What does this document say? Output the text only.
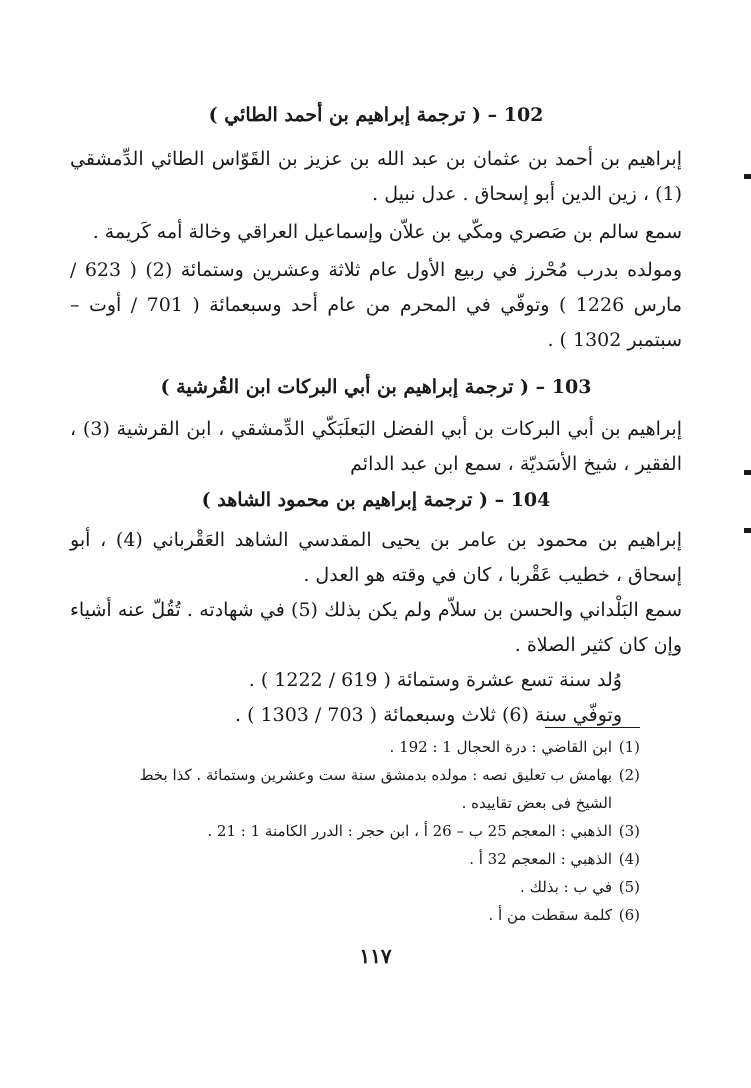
102 – ( ترجمة إبراهيم بن أحمد الطائي )
إبراهيم بن أحمد بن عثمان بن عبد الله بن عزيز بن القَوّاس الطائي الدِّمشقي (1) ، زين الدين أبو إسحاق . عدل نبيل .
سمع سالم بن صَصري ومكّي بن علاّن وإسماعيل العراقي وخالة أمه كَريمة .
ومولده بدرب مُحْرز في ربيع الأول عام ثلاثة وعشرين وستمائة (2) ( 623 / مارس 1226 ) وتوفّي في المحرم من عام أحد وسبعمائة ( 701 / أوت – سبتمبر 1302 ) .
103 – ( ترجمة إبراهيم بن أبي البركات ابن القُرشية )
إبراهيم بن أبي البركات بن أبي الفضل البَعلَبَكّي الدِّمشقي ، ابن القرشية (3) ، الفقير ، شيخ الأسَديّة ، سمع ابن عبد الدائم
104 – ( ترجمة إبراهيم بن محمود الشاهد )
إبراهيم بن محمود بن عامر بن يحيى المقدسي الشاهد العَقْرباني (4) ، أبو إسحاق ، خطيب عَقْربا ، كان في وقته هو العدل .
سمع البَلْداني والحسن بن سلاّم ولم يكن بذلك (5) في شهادته . تُقُلّ عنه أشياء وإن كان كثير الصلاة .
وُلد سنة تسع عشرة وستمائة ( 619 / 1222 ) .
وتوفّي سنة (6) ثلاث وسبعمائة ( 703 / 1303 ) .
(1)
ابن القاضي : درة الحجال 1 : 192 .
(2)
بهامش ب تعليق نصه : مولده بدمشق سنة ست وعشرين وستمائة . كذا بخط الشيخ فى بعض تقاييده .
(3)
الذهبي : المعجم 25 ب – 26 أ ، ابن حجر : الدرر الكامنة 1 : 21 .
(4)
الذهبي : المعجم 32 أ .
(5)
في ب : بذلك .
(6)
كلمة سقطت من أ .
١١٧
